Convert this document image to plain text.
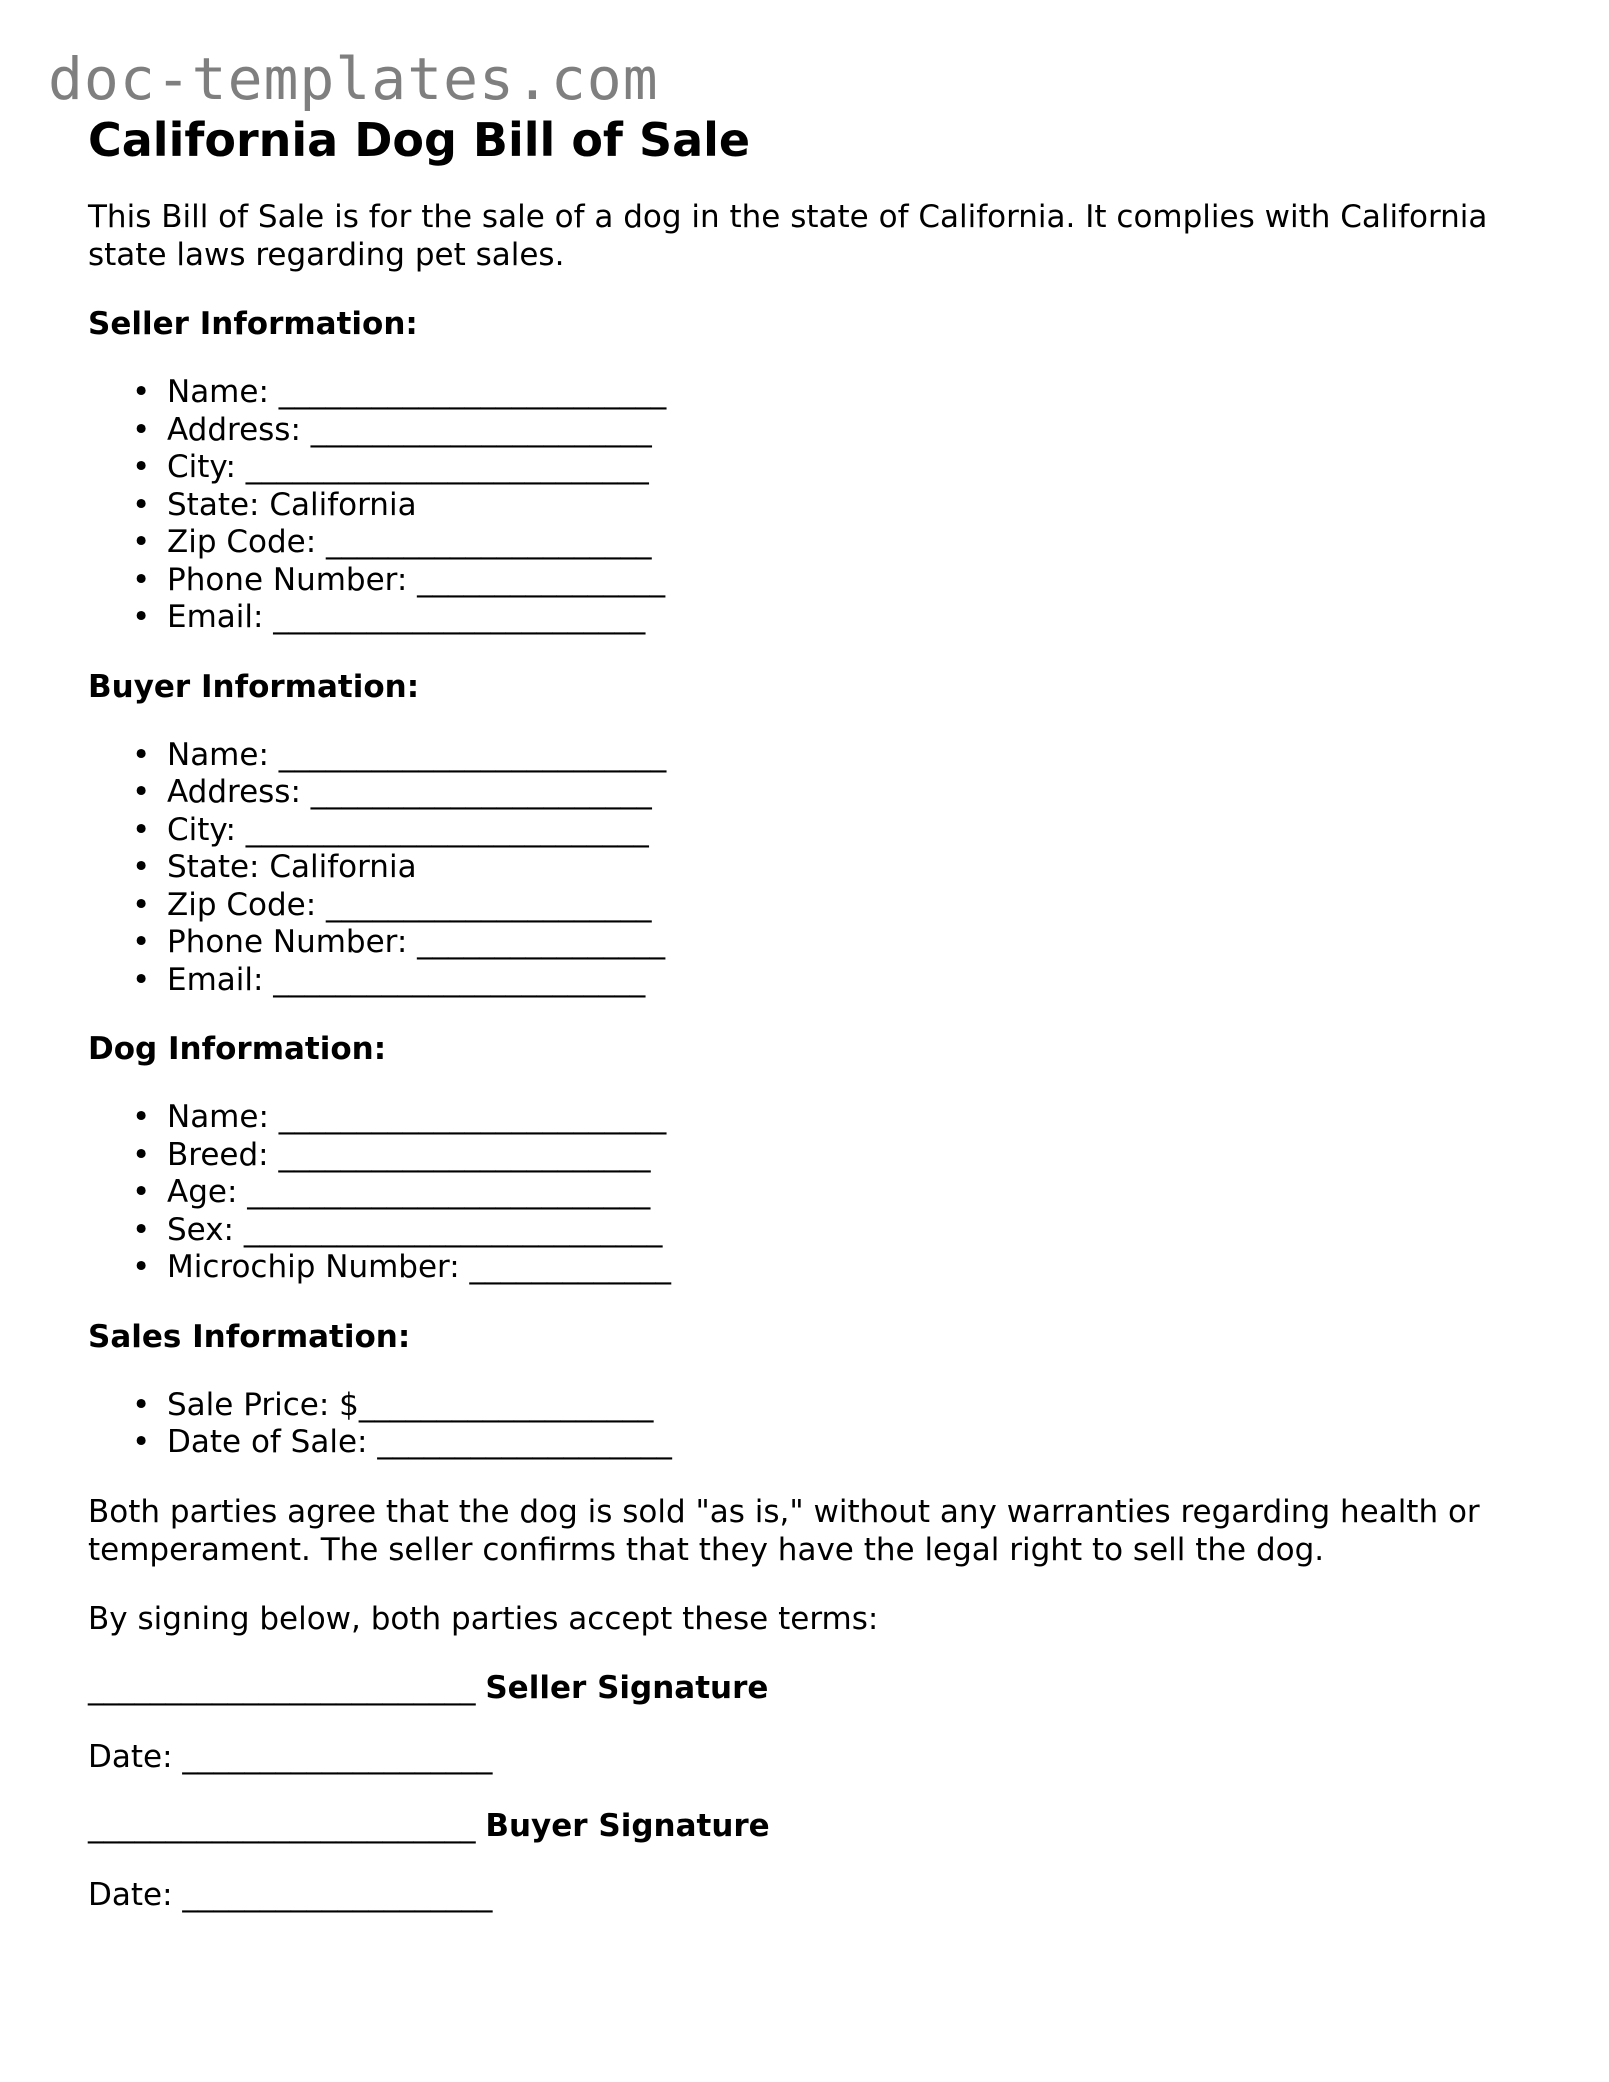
doc-templates.com
California Dog Bill of Sale

This Bill of Sale is for the sale of a dog in the state of California. It complies with California state laws regarding pet sales.

Seller Information:

• Name: _________________________
• Address: ______________________
• City: __________________________
• State: California
• Zip Code: _____________________
• Phone Number: ________________
• Email: ________________________

Buyer Information:

• Name: _________________________
• Address: ______________________
• City: __________________________
• State: California
• Zip Code: _____________________
• Phone Number: ________________
• Email: ________________________

Dog Information:

• Name: _________________________
• Breed: ________________________
• Age: __________________________
• Sex: ___________________________
• Microchip Number: _____________

Sales Information:

• Sale Price: $___________________
• Date of Sale: ___________________

Both parties agree that the dog is sold "as is," without any warranties regarding health or temperament. The seller confirms that they have the legal right to sell the dog.

By signing below, both parties accept these terms:

_________________________ Seller Signature

Date: ____________________

_________________________ Buyer Signature

Date: ____________________
